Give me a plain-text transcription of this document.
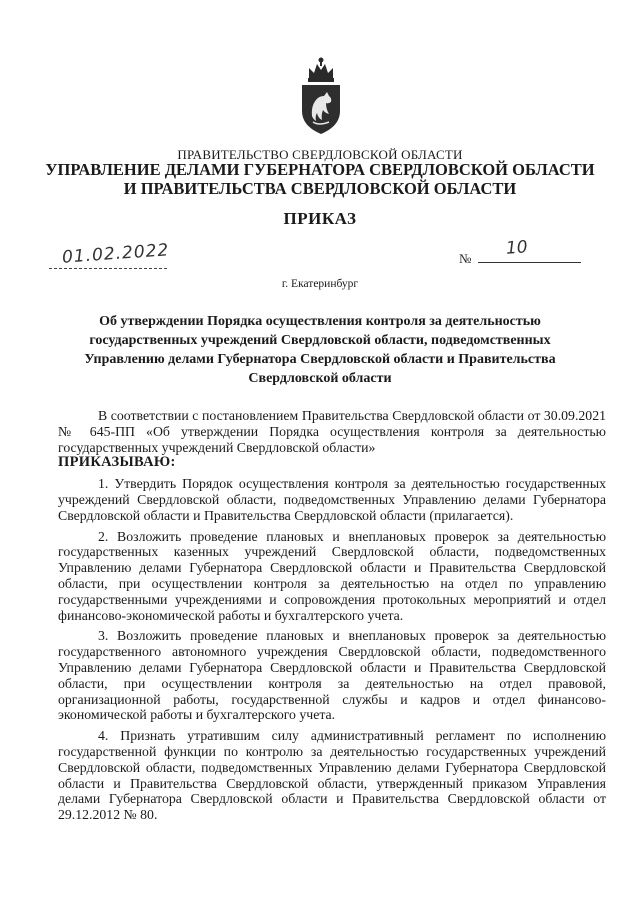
ПРАВИТЕЛЬСТВО СВЕРДЛОВСКОЙ ОБЛАСТИ
УПРАВЛЕНИЕ ДЕЛАМИ ГУБЕРНАТОРА СВЕРДЛОВСКОЙ ОБЛАСТИ
И ПРАВИТЕЛЬСТВА СВЕРДЛОВСКОЙ ОБЛАСТИ
ПРИКАЗ
01.02.2022	№ 10
г. Екатеринбург
Об утверждении Порядка осуществления контроля за деятельностью государственных учреждений Свердловской области, подведомственных Управлению делами Губернатора Свердловской области и Правительства Свердловской области

В соответствии с постановлением Правительства Свердловской области от 30.09.2021 № 645-ПП «Об утверждении Порядка осуществления контроля за деятельностью государственных учреждений Свердловской области»

ПРИКАЗЫВАЮ:

1. Утвердить Порядок осуществления контроля за деятельностью государственных учреждений Свердловской области, подведомственных Управлению делами Губернатора Свердловской области и Правительства Свердловской области (прилагается).

2. Возложить проведение плановых и внеплановых проверок за деятельностью государственных казенных учреждений Свердловской области, подведомственных Управлению делами Губернатора Свердловской области и Правительства Свердловской области, при осуществлении контроля за деятельностью на отдел по управлению государственными учреждениями и сопровождения протокольных мероприятий и отдел финансово-экономической работы и бухгалтерского учета.

3. Возложить проведение плановых и внеплановых проверок за деятельностью государственного автономного учреждения Свердловской области, подведомственного Управлению делами Губернатора Свердловской области и Правительства Свердловской области, при осуществлении контроля за деятельностью на отдел правовой, организационной работы, государственной службы и кадров и отдел финансово-экономической работы и бухгалтерского учета.

4. Признать утратившим силу административный регламент по исполнению государственной функции по контролю за деятельностью государственных учреждений Свердловской области, подведомственных Управлению делами Губернатора Свердловской области и Правительства Свердловской области, утвержденный приказом Управления делами Губернатора Свердловской области и Правительства Свердловской области от 29.12.2012 № 80.
